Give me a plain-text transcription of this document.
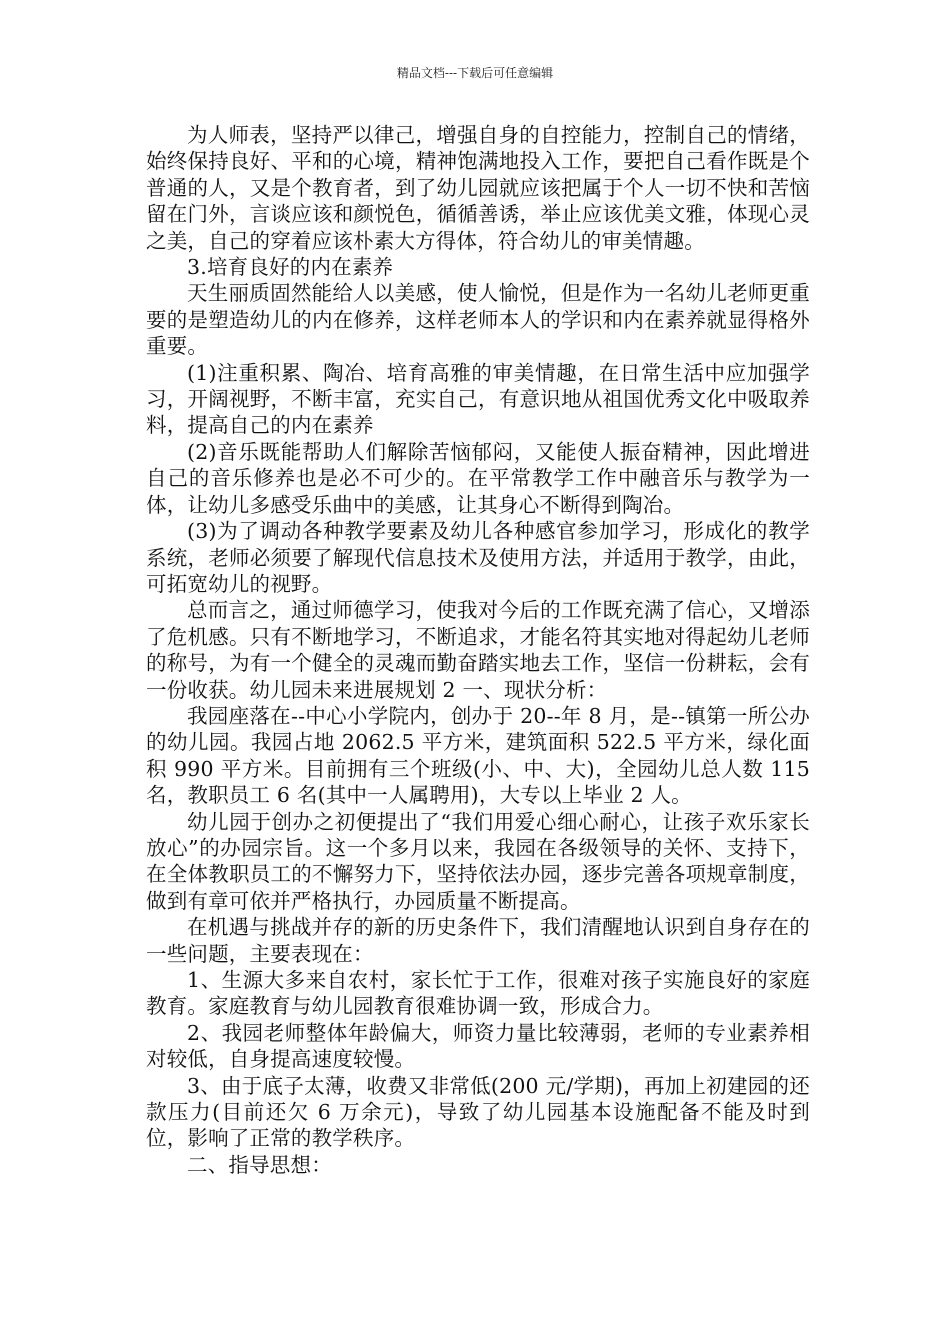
精品文档---下载后可任意编辑

为人师表，坚持严以律己，增强自身的自控能力，控制自己的情绪，始终保持良好、平和的心境，精神饱满地投入工作，要把自己看作既是个普通的人，又是个教育者，到了幼儿园就应该把属于个人一切不快和苦恼留在门外，言谈应该和颜悦色，循循善诱，举止应该优美文雅，体现心灵之美，自己的穿着应该朴素大方得体，符合幼儿的审美情趣。

3.培育良好的内在素养

天生丽质固然能给人以美感，使人愉悦，但是作为一名幼儿老师更重要的是塑造幼儿的内在修养，这样老师本人的学识和内在素养就显得格外重要。

(1)注重积累、陶冶、培育高雅的审美情趣，在日常生活中应加强学习，开阔视野，不断丰富，充实自己，有意识地从祖国优秀文化中吸取养料，提高自己的内在素养

(2)音乐既能帮助人们解除苦恼郁闷，又能使人振奋精神，因此增进自己的音乐修养也是必不可少的。在平常教学工作中融音乐与教学为一体，让幼儿多感受乐曲中的美感，让其身心不断得到陶冶。

(3)为了调动各种教学要素及幼儿各种感官参加学习，形成化的教学系统，老师必须要了解现代信息技术及使用方法，并适用于教学，由此，可拓宽幼儿的视野。

总而言之，通过师德学习，使我对今后的工作既充满了信心，又增添了危机感。只有不断地学习，不断追求，才能名符其实地对得起幼儿老师的称号，为有一个健全的灵魂而勤奋踏实地去工作，坚信一份耕耘，会有一份收获。幼儿园未来进展规划 2 一、现状分析：

我园座落在--中心小学院内，创办于 20--年 8 月，是--镇第一所公办的幼儿园。我园占地 2062.5 平方米，建筑面积 522.5 平方米，绿化面积 990 平方米。目前拥有三个班级(小、中、大)，全园幼儿总人数 115 名，教职员工 6 名(其中一人属聘用)，大专以上毕业 2 人。

幼儿园于创办之初便提出了“我们用爱心细心耐心，让孩子欢乐家长放心”的办园宗旨。这一个多月以来，我园在各级领导的关怀、支持下，在全体教职员工的不懈努力下，坚持依法办园，逐步完善各项规章制度，做到有章可依并严格执行，办园质量不断提高。

在机遇与挑战并存的新的历史条件下，我们清醒地认识到自身存在的一些问题，主要表现在：

1、生源大多来自农村，家长忙于工作，很难对孩子实施良好的家庭教育。家庭教育与幼儿园教育很难协调一致，形成合力。

2、我园老师整体年龄偏大，师资力量比较薄弱，老师的专业素养相对较低，自身提高速度较慢。

3、由于底子太薄，收费又非常低(200 元/学期)，再加上初建园的还款压力(目前还欠 6 万余元)，导致了幼儿园基本设施配备不能及时到位，影响了正常的教学秩序。

二、指导思想：
